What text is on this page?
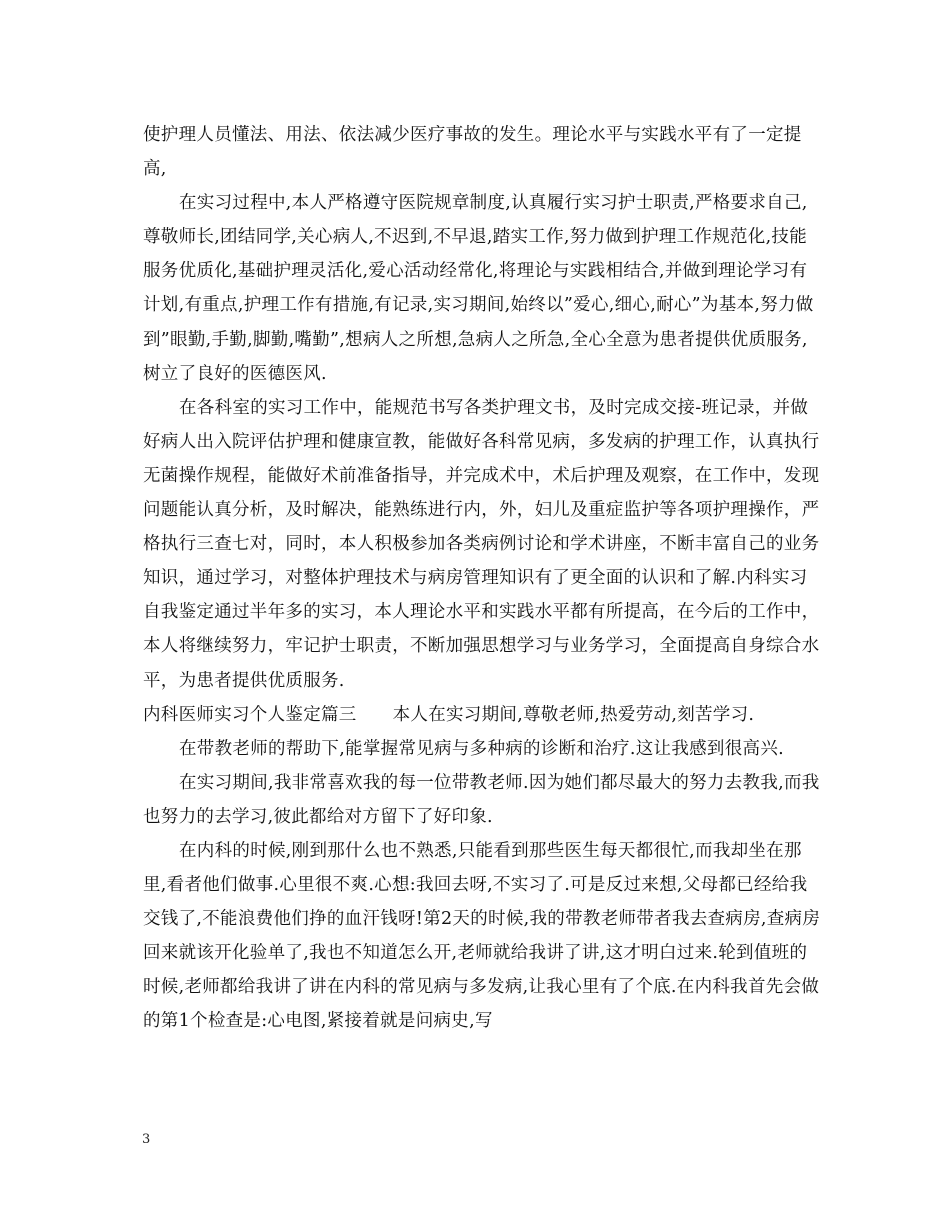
使护理人员懂法、用法、依法减少医疗事故的发生。理论水平与实践水平有了一定提高,

在实习过程中,本人严格遵守医院规章制度,认真履行实习护士职责,严格要求自己,尊敬师长,团结同学,关心病人,不迟到,不早退,踏实工作,努力做到护理工作规范化,技能服务优质化,基础护理灵活化,爱心活动经常化,将理论与实践相结合,并做到理论学习有计划,有重点,护理工作有措施,有记录,实习期间,始终以”爱心,细心,耐心”为基本,努力做到”眼勤,手勤,脚勤,嘴勤”,想病人之所想,急病人之所急,全心全意为患者提供优质服务,树立了良好的医德医风.

在各科室的实习工作中，能规范书写各类护理文书，及时完成交接-班记录，并做好病人出入院评估护理和健康宣教，能做好各科常见病，多发病的护理工作，认真执行无菌操作规程，能做好术前准备指导，并完成术中，术后护理及观察，在工作中，发现问题能认真分析，及时解决，能熟练进行内，外，妇儿及重症监护等各项护理操作，严格执行三查七对，同时，本人积极参加各类病例讨论和学术讲座，不断丰富自己的业务知识，通过学习，对整体护理技术与病房管理知识有了更全面的认识和了解.内科实习自我鉴定通过半年多的实习，本人理论水平和实践水平都有所提高，在今后的工作中，本人将继续努力，牢记护士职责，不断加强思想学习与业务学习，全面提高自身综合水平，为患者提供优质服务.

内科医师实习个人鉴定篇三 本人在实习期间,尊敬老师,热爱劳动,刻苦学习.

在带教老师的帮助下,能掌握常见病与多种病的诊断和治疗.这让我感到很高兴.

在实习期间,我非常喜欢我的每一位带教老师.因为她们都尽最大的努力去教我,而我也努力的去学习,彼此都给对方留下了好印象.

在内科的时候,刚到那什么也不熟悉,只能看到那些医生每天都很忙,而我却坐在那里,看者他们做事.心里很不爽.心想:我回去呀,不实习了.可是反过来想,父母都已经给我交钱了,不能浪费他们挣的血汗钱呀!第2天的时候,我的带教老师带者我去查病房,查病房回来就该开化验单了,我也不知道怎么开,老师就给我讲了讲,这才明白过来.轮到值班的时候,老师都给我讲了讲在内科的常见病与多发病,让我心里有了个底.在内科我首先会做的第1个检查是:心电图,紧接着就是问病史,写

3
